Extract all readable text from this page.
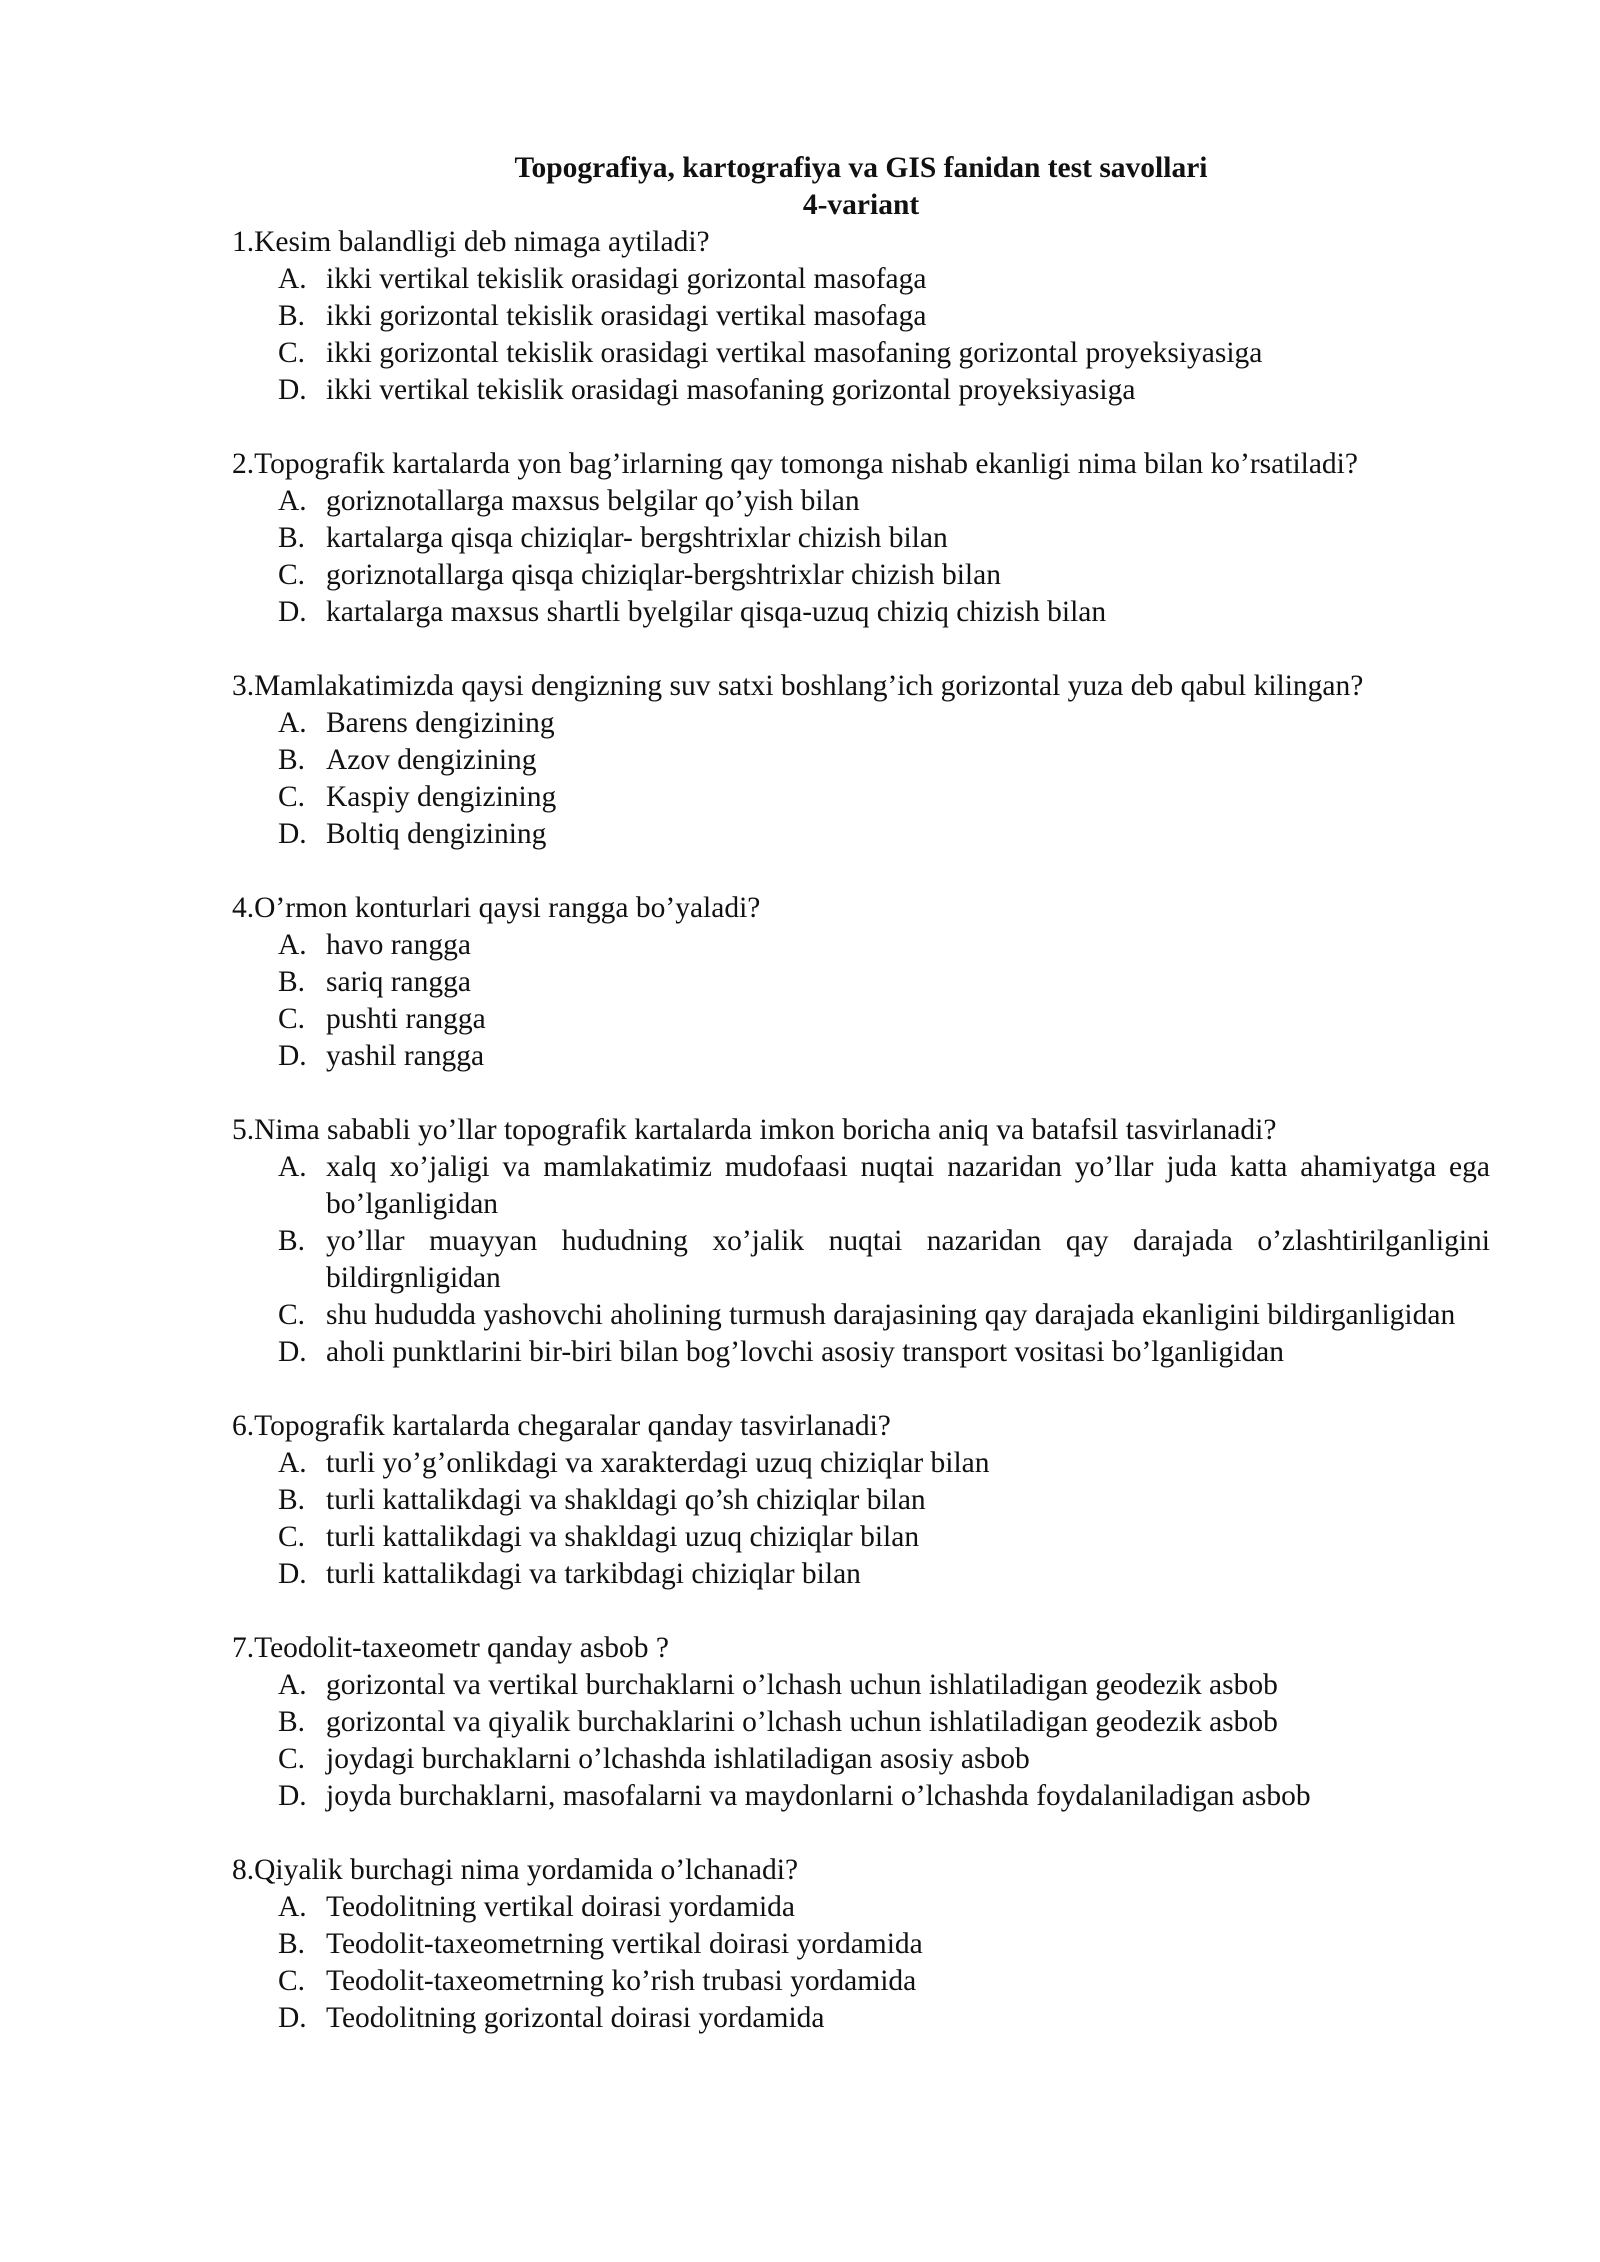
Topografiya, kartografiya va GIS fanidan test savollari
4-variant

1.Kesim balandligi deb nimaga aytiladi?

A. ikki vertikal tekislik orasidagi gorizontal masofaga
B. ikki gorizontal tekislik orasidagi vertikal masofaga
C. ikki gorizontal tekislik orasidagi vertikal masofaning gorizontal proyeksiyasiga
D. ikki vertikal tekislik orasidagi masofaning gorizontal proyeksiyasiga

2.Topografik kartalarda yon bag’irlarning qay tomonga nishab ekanligi nima bilan ko’rsatiladi?

A. goriznotallarga maxsus belgilar qo’yish bilan
B. kartalarga qisqa chiziqlar- bergshtrixlar chizish bilan
C. goriznotallarga qisqa chiziqlar-bergshtrixlar chizish bilan
D. kartalarga maxsus shartli byelgilar qisqa-uzuq chiziq chizish bilan

3.Mamlakatimizda qaysi dengizning suv satxi boshlang’ich gorizontal yuza deb qabul kilingan?

A. Barens dengizining
B. Azov dengizining
C. Kaspiy dengizining
D. Boltiq dengizining

4.O’rmon konturlari qaysi rangga bo’yaladi?

A. havo rangga
B. sariq rangga
C. pushti rangga
D. yashil rangga

5.Nima sababli yo’llar topografik kartalarda imkon boricha aniq va batafsil tasvirlanadi?

A. xalq xo’jaligi va mamlakatimiz mudofaasi nuqtai nazaridan yo’llar juda katta ahamiyatga ega bo’lganligidan
B. yo’llar muayyan hududning xo’jalik nuqtai nazaridan qay darajada o’zlashtirilganligini bildirgnligidan
C. shu hududda yashovchi aholining turmush darajasining qay darajada ekanligini bildirganligidan
D. aholi punktlarini bir-biri bilan bog’lovchi asosiy transport vositasi bo’lganligidan

6.Topografik kartalarda chegaralar qanday tasvirlanadi?

A. turli yo’g’onlikdagi va xarakterdagi uzuq chiziqlar bilan
B. turli kattalikdagi va shakldagi qo’sh chiziqlar bilan
C. turli kattalikdagi va shakldagi uzuq chiziqlar bilan
D. turli kattalikdagi va tarkibdagi chiziqlar bilan

7.Teodolit-taxeometr qanday asbob ?

A. gorizontal va vertikal burchaklarni o’lchash uchun ishlatiladigan geodezik asbob
B. gorizontal va qiyalik burchaklarini o’lchash uchun ishlatiladigan geodezik asbob
C. joydagi burchaklarni o’lchashda ishlatiladigan asosiy asbob
D. joyda burchaklarni, masofalarni va maydonlarni o’lchashda foydalaniladigan asbob

8.Qiyalik burchagi nima yordamida o’lchanadi?

A. Teodolitning vertikal doirasi yordamida
B. Teodolit-taxeometrning vertikal doirasi yordamida
C. Teodolit-taxeometrning ko’rish trubasi yordamida
D. Teodolitning gorizontal doirasi yordamida
